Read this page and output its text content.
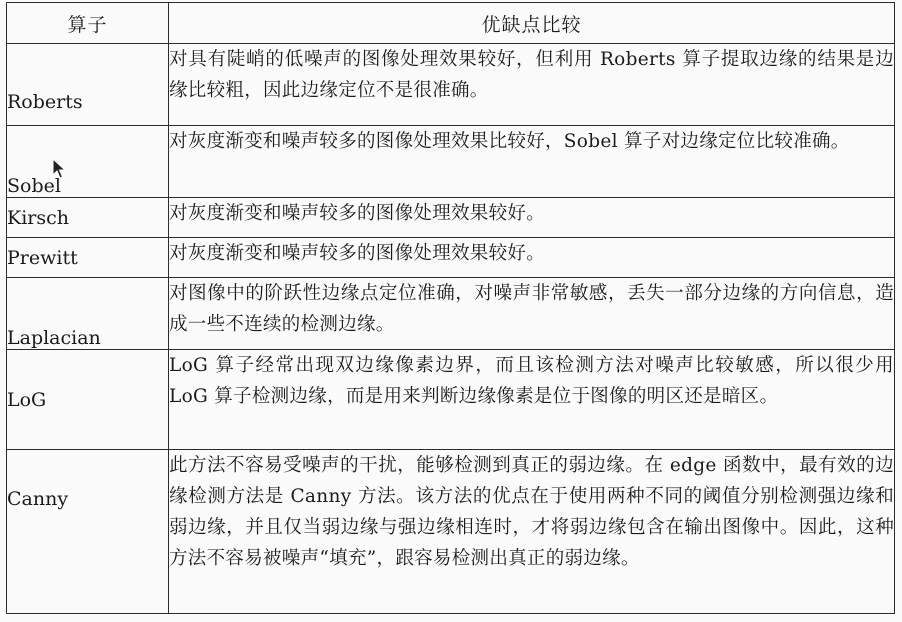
算子	优缺点比较
Roberts	对具有陡峭的低噪声的图像处理效果较好，但利用 Roberts 算子提取边缘的结果是边缘比较粗，因此边缘定位不是很准确。
Sobel	对灰度渐变和噪声较多的图像处理效果比较好，Sobel 算子对边缘定位比较准确。
Kirsch	对灰度渐变和噪声较多的图像处理效果较好。
Prewitt	对灰度渐变和噪声较多的图像处理效果较好。
Laplacian	对图像中的阶跃性边缘点定位准确，对噪声非常敏感，丢失一部分边缘的方向信息，造成一些不连续的检测边缘。
LoG	LoG 算子经常出现双边缘像素边界，而且该检测方法对噪声比较敏感，所以很少用 LoG 算子检测边缘，而是用来判断边缘像素是位于图像的明区还是暗区。
Canny	此方法不容易受噪声的干扰，能够检测到真正的弱边缘。在 edge 函数中，最有效的边缘检测方法是 Canny 方法。该方法的优点在于使用两种不同的阈值分别检测强边缘和弱边缘，并且仅当弱边缘与强边缘相连时，才将弱边缘包含在输出图像中。因此，这种方法不容易被噪声“填充”，跟容易检测出真正的弱边缘。
